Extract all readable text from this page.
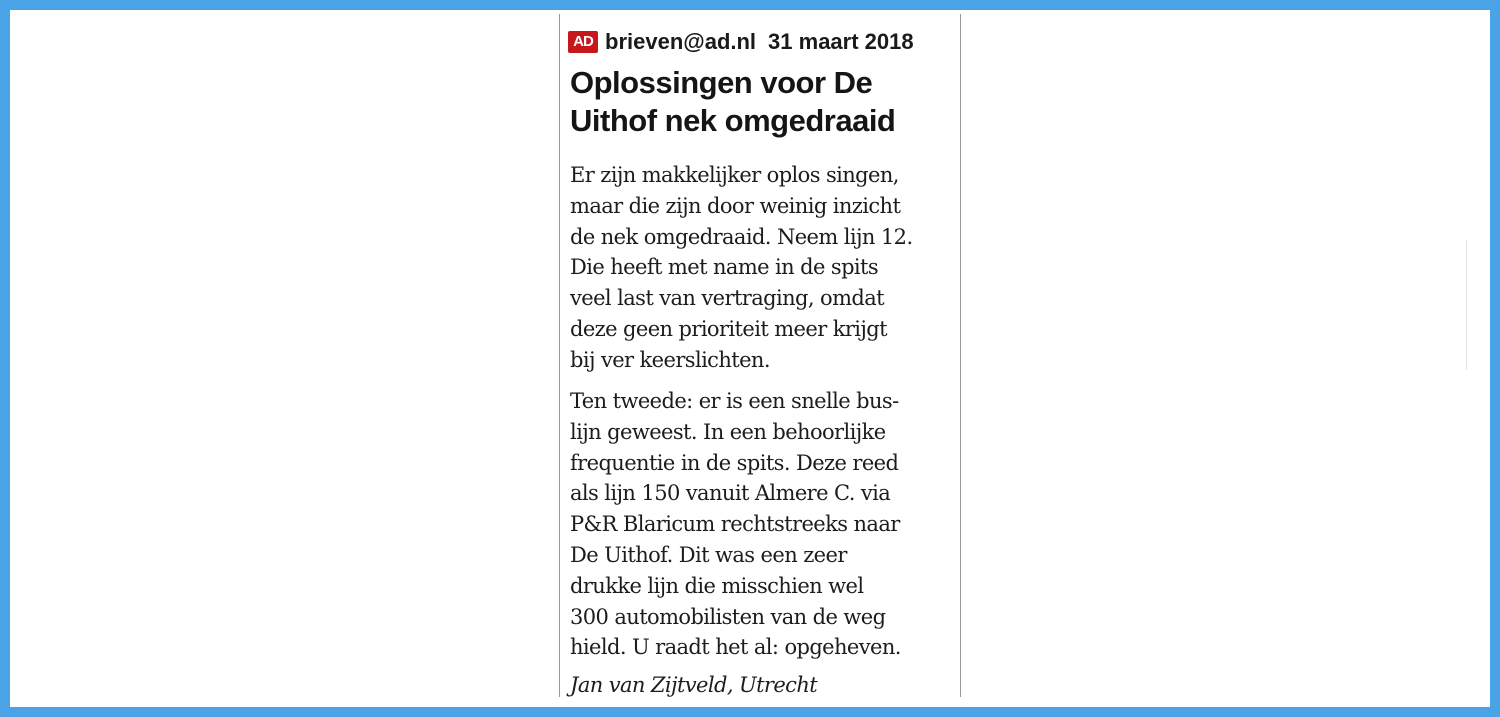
AD brieven@ad.nl 31 maart 2018
Oplossingen voor De
Uithof nek omgedraaid

Er zijn makkelijker oplos singen,
maar die zijn door weinig inzicht
de nek omgedraaid. Neem lijn 12.
Die heeft met name in de spits
veel last van vertraging, omdat
deze geen prioriteit meer krijgt
bij ver keerslichten.

Ten tweede: er is een snelle bus-
lijn geweest. In een behoorlijke
frequentie in de spits. Deze reed
als lijn 150 vanuit Almere C. via
P&R Blaricum rechtstreeks naar
De Uithof. Dit was een zeer
drukke lijn die misschien wel
300 automobilisten van de weg
hield. U raadt het al: opgeheven.

Jan van Zijtveld, Utrecht
